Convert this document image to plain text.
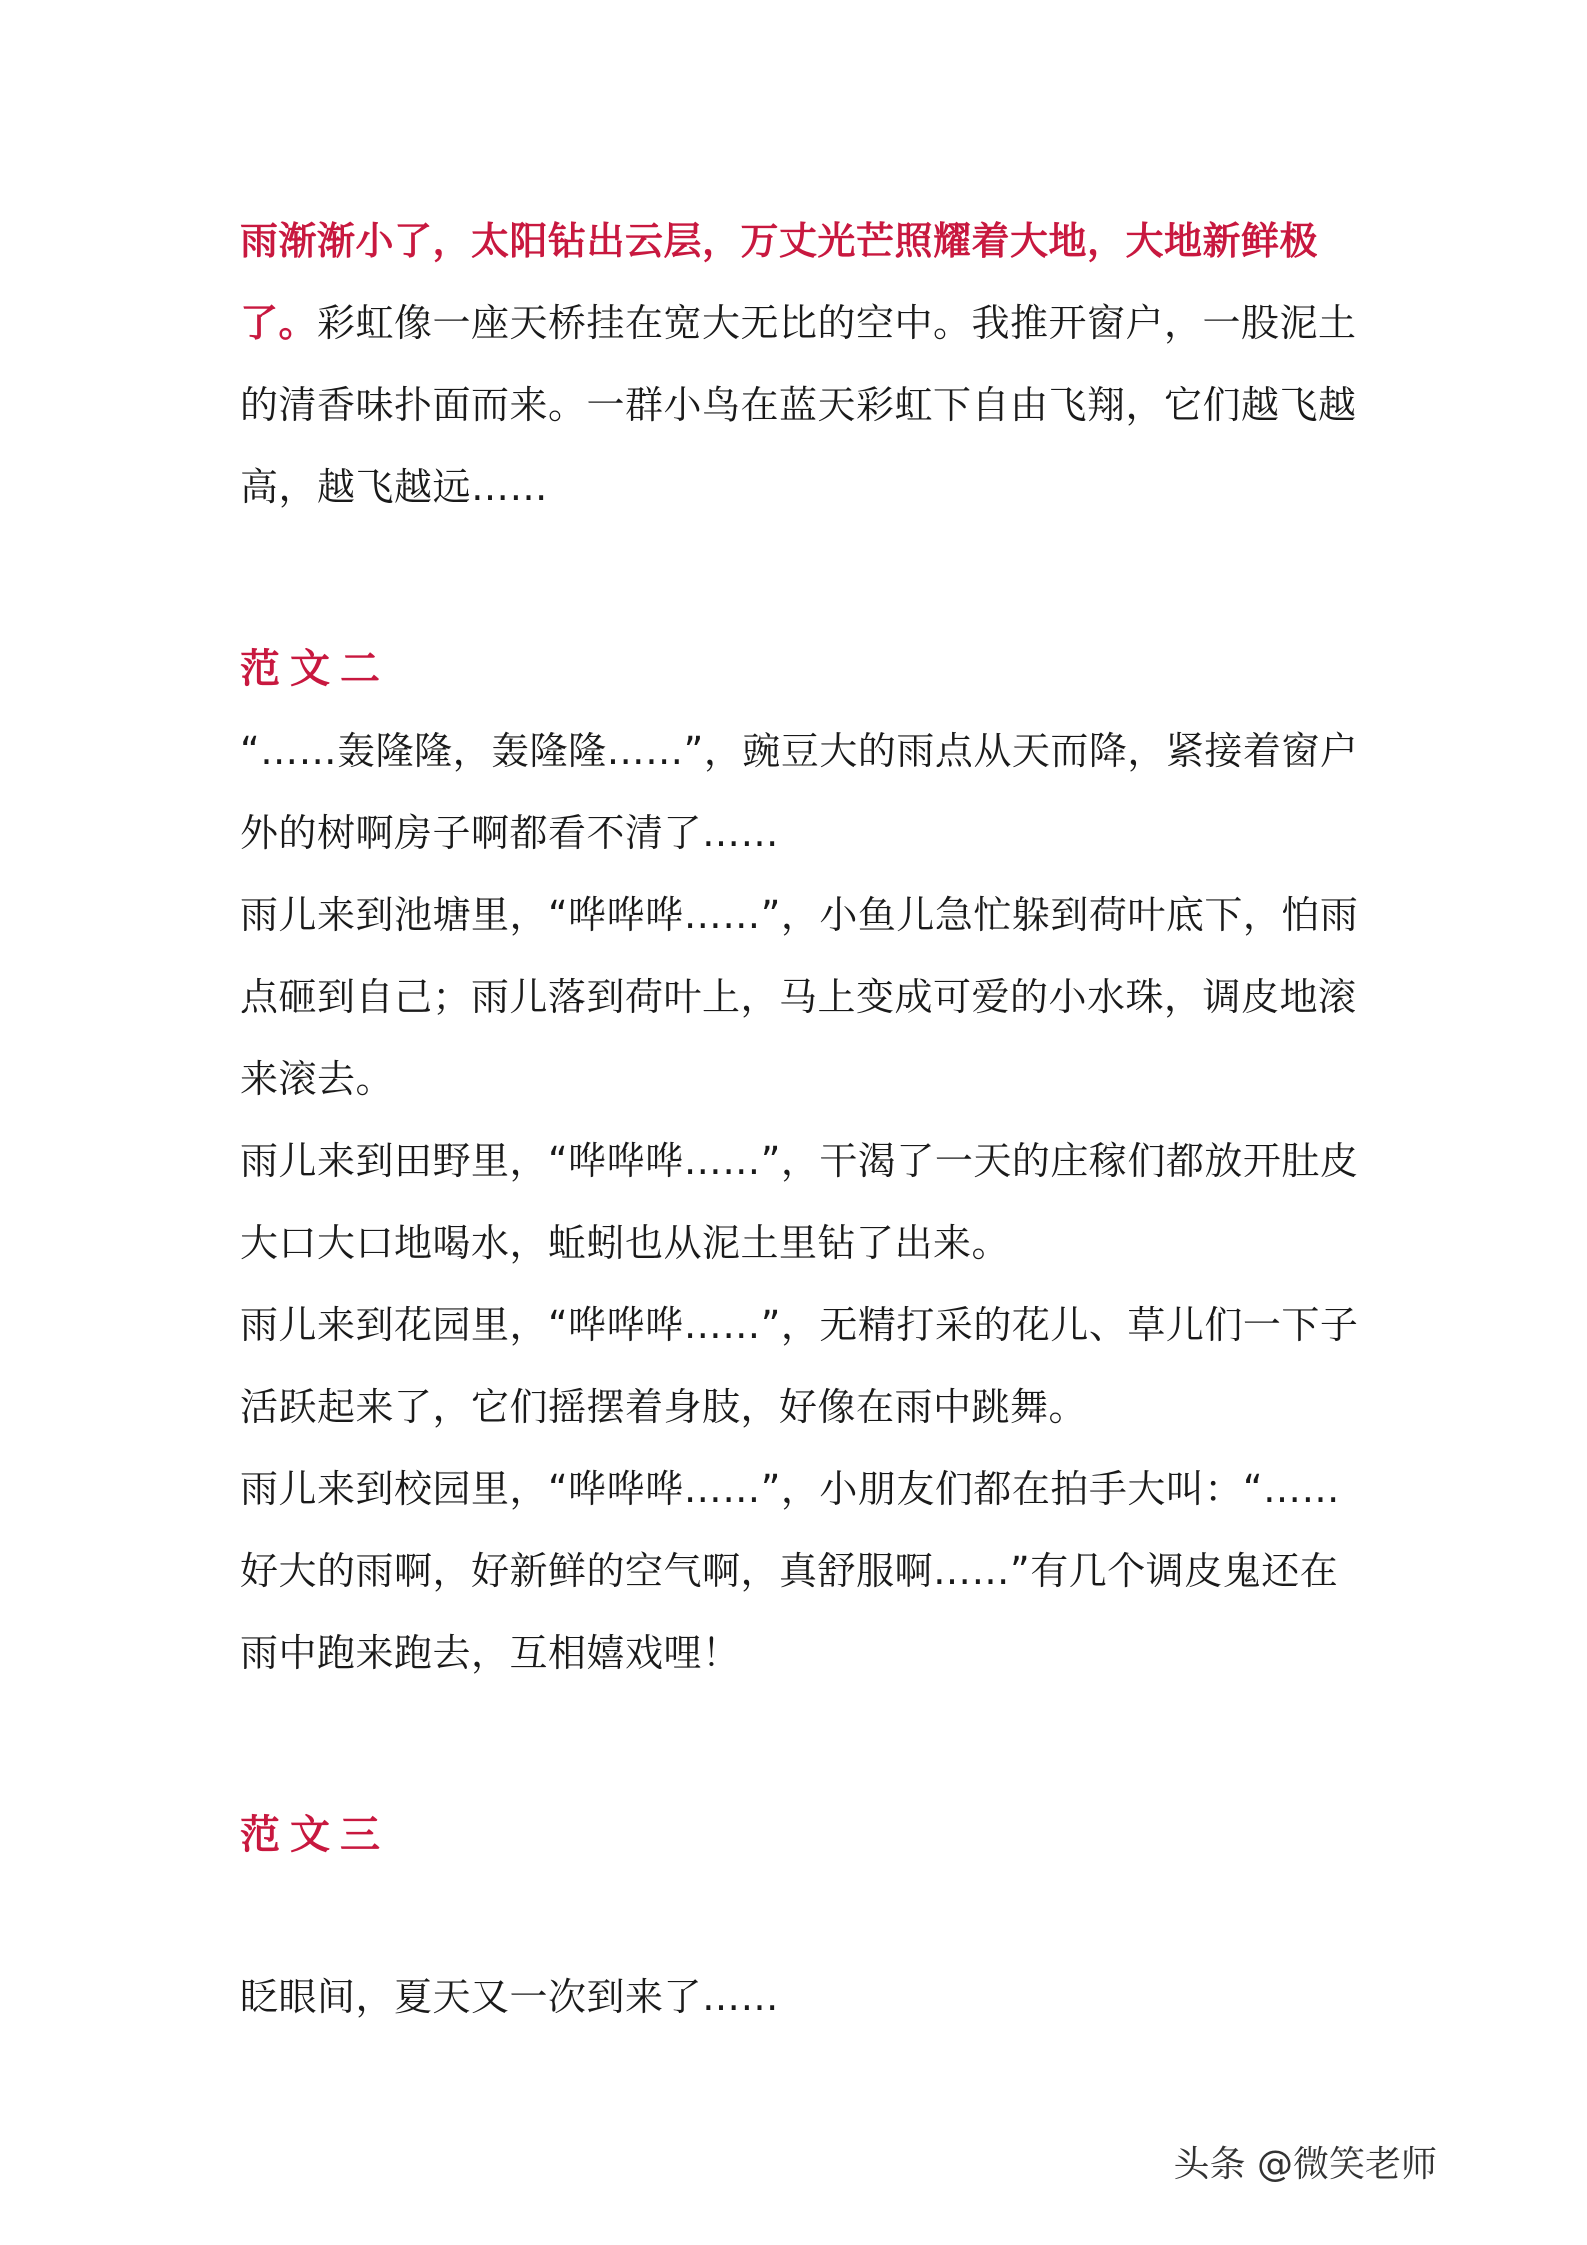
雨渐渐小了，太阳钻出云层，万丈光芒照耀着大地，大地新鲜极了。彩虹像一座天桥挂在宽大无比的空中。我推开窗户，一股泥土的清香味扑面而来。一群小鸟在蓝天彩虹下自由飞翔，它们越飞越高，越飞越远……

范文二

“……轰隆隆，轰隆隆……”，豌豆大的雨点从天而降，紧接着窗户外的树啊房子啊都看不清了……

雨儿来到池塘里，“哗哗哗……”，小鱼儿急忙躲到荷叶底下，怕雨点砸到自己；雨儿落到荷叶上，马上变成可爱的小水珠，调皮地滚来滚去。

雨儿来到田野里，“哗哗哗……”，干渴了一天的庄稼们都放开肚皮大口大口地喝水，蚯蚓也从泥土里钻了出来。

雨儿来到花园里，“哗哗哗……”，无精打采的花儿、草儿们一下子活跃起来了，它们摇摆着身肢，好像在雨中跳舞。

雨儿来到校园里，“哗哗哗……”，小朋友们都在拍手大叫：“……好大的雨啊，好新鲜的空气啊，真舒服啊……”有几个调皮鬼还在雨中跑来跑去，互相嬉戏哩！

范文三

眨眼间，夏天又一次到来了……

头条 @微笑老师
